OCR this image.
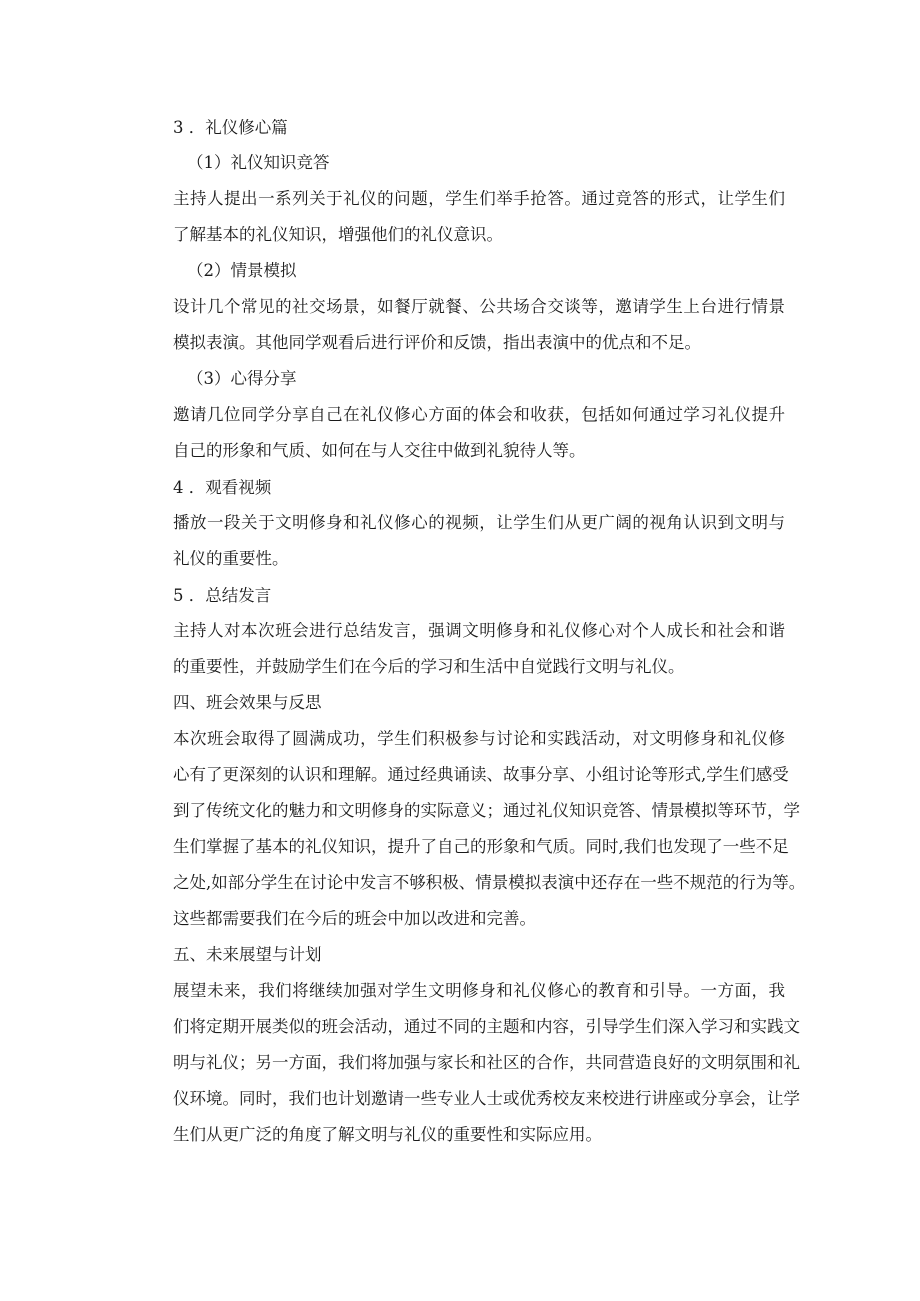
3 ．礼仪修心篇
（1）礼仪知识竞答
主持人提出一系列关于礼仪的问题，学生们举手抢答。通过竞答的形式，让学生们
了解基本的礼仪知识，增强他们的礼仪意识。
（2）情景模拟
设计几个常见的社交场景，如餐厅就餐、公共场合交谈等，邀请学生上台进行情景
模拟表演。其他同学观看后进行评价和反馈，指出表演中的优点和不足。
（3）心得分享
邀请几位同学分享自己在礼仪修心方面的体会和收获，包括如何通过学习礼仪提升
自己的形象和气质、如何在与人交往中做到礼貌待人等。
4 ．观看视频
播放一段关于文明修身和礼仪修心的视频，让学生们从更广阔的视角认识到文明与
礼仪的重要性。
5 ．总结发言
主持人对本次班会进行总结发言，强调文明修身和礼仪修心对个人成长和社会和谐
的重要性，并鼓励学生们在今后的学习和生活中自觉践行文明与礼仪。
四、班会效果与反思
本次班会取得了圆满成功，学生们积极参与讨论和实践活动，对文明修身和礼仪修
心有了更深刻的认识和理解。通过经典诵读、故事分享、小组讨论等形式,学生们感受
到了传统文化的魅力和文明修身的实际意义；通过礼仪知识竞答、情景模拟等环节，学
生们掌握了基本的礼仪知识，提升了自己的形象和气质。同时,我们也发现了一些不足
之处,如部分学生在讨论中发言不够积极、情景模拟表演中还存在一些不规范的行为等。
这些都需要我们在今后的班会中加以改进和完善。
五、未来展望与计划
展望未来，我们将继续加强对学生文明修身和礼仪修心的教育和引导。一方面，我
们将定期开展类似的班会活动，通过不同的主题和内容，引导学生们深入学习和实践文
明与礼仪；另一方面，我们将加强与家长和社区的合作，共同营造良好的文明氛围和礼
仪环境。同时，我们也计划邀请一些专业人士或优秀校友来校进行讲座或分享会，让学
生们从更广泛的角度了解文明与礼仪的重要性和实际应用。
